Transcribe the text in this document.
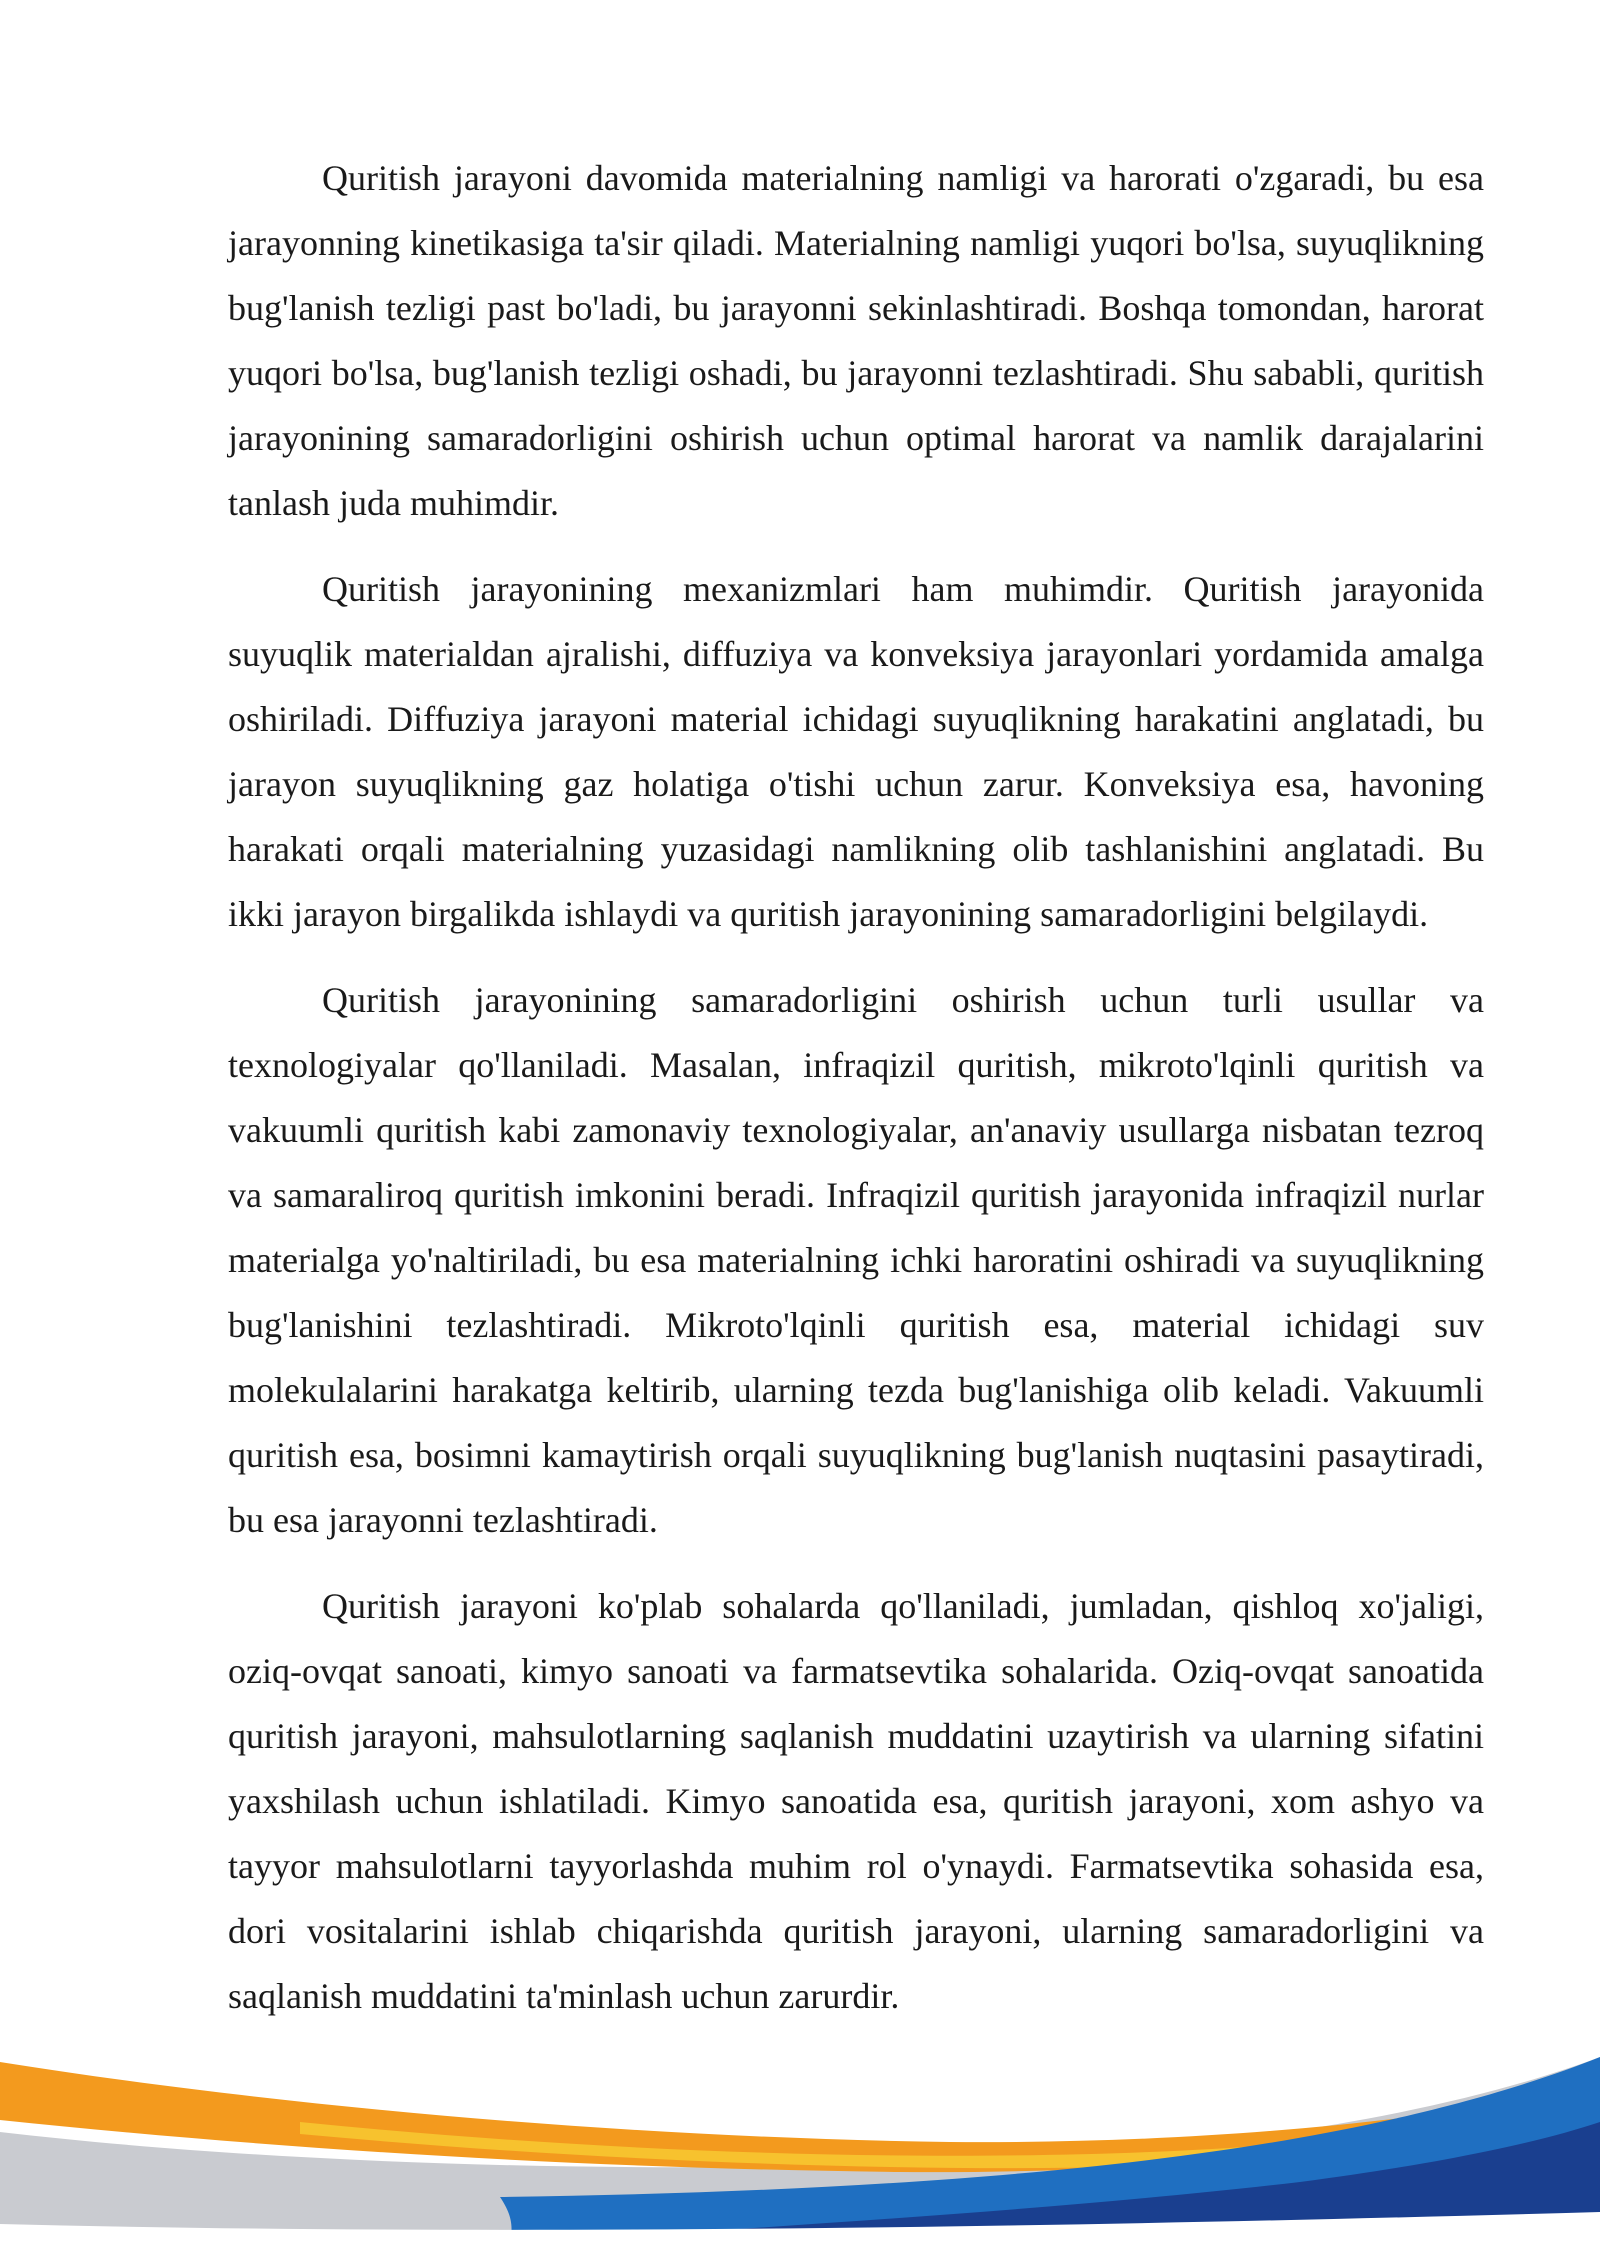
Quritish jarayoni davomida materialning namligi va harorati o'zgaradi, bu esa jarayonning kinetikasiga ta'sir qiladi. Materialning namligi yuqori bo'lsa, suyuqlikning bug'lanish tezligi past bo'ladi, bu jarayonni sekinlashtiradi. Boshqa tomondan, harorat yuqori bo'lsa, bug'lanish tezligi oshadi, bu jarayonni tezlashtiradi. Shu sababli, quritish jarayonining samaradorligini oshirish uchun optimal harorat va namlik darajalarini tanlash juda muhimdir.

Quritish jarayonining mexanizmlari ham muhimdir. Quritish jarayonida suyuqlik materialdan ajralishi, diffuziya va konveksiya jarayonlari yordamida amalga oshiriladi. Diffuziya jarayoni material ichidagi suyuqlikning harakatini anglatadi, bu jarayon suyuqlikning gaz holatiga o'tishi uchun zarur. Konveksiya esa, havoning harakati orqali materialning yuzasidagi namlikning olib tashlanishini anglatadi. Bu ikki jarayon birgalikda ishlaydi va quritish jarayonining samaradorligini belgilaydi.

Quritish jarayonining samaradorligini oshirish uchun turli usullar va texnologiyalar qo'llaniladi. Masalan, infraqizil quritish, mikroto'lqinli quritish va vakuumli quritish kabi zamonaviy texnologiyalar, an'anaviy usullarga nisbatan tezroq va samaraliroq quritish imkonini beradi. Infraqizil quritish jarayonida infraqizil nurlar materialga yo'naltiriladi, bu esa materialning ichki haroratini oshiradi va suyuqlikning bug'lanishini tezlashtiradi. Mikroto'lqinli quritish esa, material ichidagi suv molekulalarini harakatga keltirib, ularning tezda bug'lanishiga olib keladi. Vakuumli quritish esa, bosimni kamaytirish orqali suyuqlikning bug'lanish nuqtasini pasaytiradi, bu esa jarayonni tezlashtiradi.

Quritish jarayoni ko'plab sohalarda qo'llaniladi, jumladan, qishloq xo'jaligi, oziq-ovqat sanoati, kimyo sanoati va farmatsevtika sohalarida. Oziq-ovqat sanoatida quritish jarayoni, mahsulotlarning saqlanish muddatini uzaytirish va ularning sifatini yaxshilash uchun ishlatiladi. Kimyo sanoatida esa, quritish jarayoni, xom ashyo va tayyor mahsulotlarni tayyorlashda muhim rol o'ynaydi. Farmatsevtika sohasida esa, dori vositalarini ishlab chiqarishda quritish jarayoni, ularning samaradorligini va saqlanish muddatini ta'minlash uchun zarurdir.
